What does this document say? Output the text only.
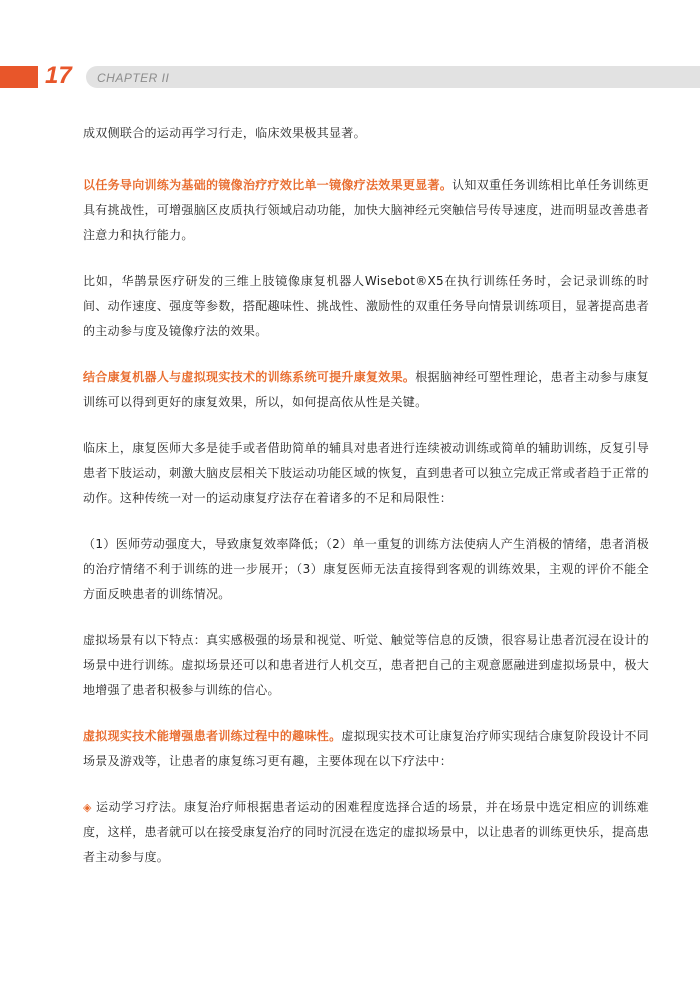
17 CHAPTER II

成双侧联合的运动再学习行走，临床效果极其显著。

以任务导向训练为基础的镜像治疗疗效比单一镜像疗法效果更显著。认知双重任务训练相比单任务训练更具有挑战性，可增强脑区皮质执行领域启动功能，加快大脑神经元突触信号传导速度，进而明显改善患者注意力和执行能力。

比如，华鹊景医疗研发的三维上肢镜像康复机器人Wisebot®X5在执行训练任务时，会记录训练的时间、动作速度、强度等参数，搭配趣味性、挑战性、激励性的双重任务导向情景训练项目，显著提高患者的主动参与度及镜像疗法的效果。

结合康复机器人与虚拟现实技术的训练系统可提升康复效果。根据脑神经可塑性理论，患者主动参与康复训练可以得到更好的康复效果，所以，如何提高依从性是关键。

临床上，康复医师大多是徒手或者借助简单的辅具对患者进行连续被动训练或简单的辅助训练，反复引导患者下肢运动，刺激大脑皮层相关下肢运动功能区域的恢复，直到患者可以独立完成正常或者趋于正常的动作。这种传统一对一的运动康复疗法存在着诸多的不足和局限性：

（1）医师劳动强度大，导致康复效率降低；（2）单一重复的训练方法使病人产生消极的情绪，患者消极的治疗情绪不利于训练的进一步展开；（3）康复医师无法直接得到客观的训练效果，主观的评价不能全方面反映患者的训练情况。

虚拟场景有以下特点：真实感极强的场景和视觉、听觉、触觉等信息的反馈，很容易让患者沉浸在设计的场景中进行训练。虚拟场景还可以和患者进行人机交互，患者把自己的主观意愿融进到虚拟场景中，极大地增强了患者积极参与训练的信心。

虚拟现实技术能增强患者训练过程中的趣味性。虚拟现实技术可让康复治疗师实现结合康复阶段设计不同场景及游戏等，让患者的康复练习更有趣，主要体现在以下疗法中：

◈ 运动学习疗法。康复治疗师根据患者运动的困难程度选择合适的场景，并在场景中选定相应的训练难度，这样，患者就可以在接受康复治疗的同时沉浸在选定的虚拟场景中，以让患者的训练更快乐，提高患者主动参与度。
